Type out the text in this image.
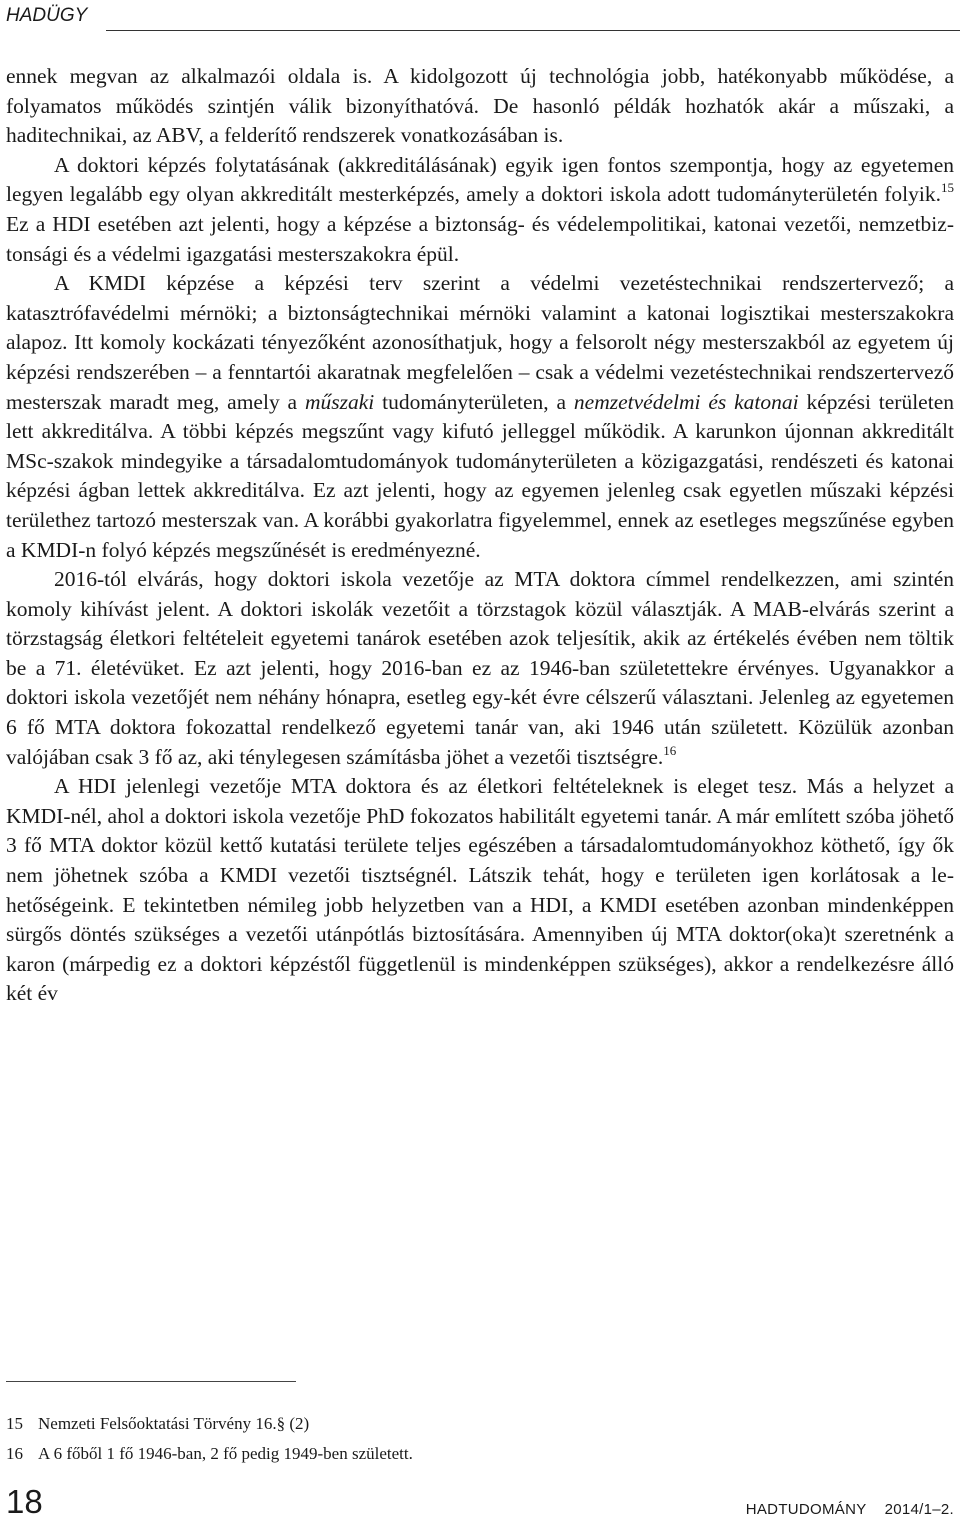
HADÜGY

ennek megvan az alkalmazói oldala is. A kidolgozott új technológia jobb, hatékonyabb működése, a folyamatos működés szintjén válik bizonyíthatóvá. De hasonló példák hozhatók akár a műszaki, a haditechnikai, az ABV, a felderítő rendszerek vonatkozásában is.

A doktori képzés folytatásának (akkreditálásának) egyik igen fontos szempontja, hogy az egyetemen legyen legalább egy olyan akkreditált mesterképzés, amely a doktori iskola adott tudományterületén folyik.$^{15}$ Ez a HDI esetében azt jelenti, hogy a képzése a biztonság- és védelempolitikai, katonai vezetői, nemzetbiztonsági és a védelmi igazgatási mesterszakokra épül.

A KMDI képzése a képzési terv szerint a védelmi vezetéstechnikai rendszertervező; a katasztrófavédelmi mérnöki; a biztonságtechnikai mérnöki valamint a katonai logisztikai mesterszakokra alapoz. Itt komoly kockázati tényezőként azonosíthatjuk, hogy a felsorolt négy mesterszakból az egyetem új képzési rendszerében – a fenntartói akaratnak megfelelően – csak a védelmi vezetéstechnikai rendszertervező mesterszak maradt meg, amely a műszaki tudományterületen, a nemzetvédelmi és katonai képzési területen lett akkreditálva. A többi képzés megszűnt vagy kifutó jelleggel működik. A karunkon újonnan akkreditált MSc-szakok mindegyike a társadalomtudományok tudományterületen a közigazgatási, rendészeti és katonai képzési ágban lettek akkreditálva. Ez azt jelenti, hogy az egyemen jelenleg csak egyetlen műszaki képzési területhez tartozó mesterszak van. A korábbi gyakorlatra figyelemmel, ennek az esetleges megszűnése egyben a KMDI-n folyó képzés megszűnését is eredményezné.

2016-tól elvárás, hogy doktori iskola vezetője az MTA doktora címmel rendelkezzen, ami szintén komoly kihívást jelent. A doktori iskolák vezetőit a törzstagok közül választják. A MAB-elvárás szerint a törzstagság életkori feltételeit egyetemi tanárok esetében azok teljesítik, akik az értékelés évében nem töltik be a 71. életévüket. Ez azt jelenti, hogy 2016-ban ez az 1946-ban születettekre érvényes. Ugyanakkor a doktori iskola vezetőjét nem néhány hónapra, esetleg egy-két évre célszerű választani. Jelenleg az egyetemen 6 fő MTA doktora fokozattal rendelkező egyetemi tanár van, aki 1946 után született. Közülük azonban valójában csak 3 fő az, aki ténylegesen számításba jöhet a vezetői tisztségre.$^{16}$

A HDI jelenlegi vezetője MTA doktora és az életkori feltételeknek is eleget tesz. Más a helyzet a KMDI-nél, ahol a doktori iskola vezetője PhD fokozatos habilitált egyetemi tanár. A már említett szóba jöhető 3 fő MTA doktor közül kettő kutatási területe teljes egészében a társadalomtudományokhoz köthető, így ők nem jöhetnek szóba a KMDI vezetői tisztségnél. Látszik tehát, hogy e területen igen korlátosak a lehetőségeink. E tekintetben némileg jobb helyzetben van a HDI, a KMDI esetében azonban mindenképpen sürgős döntés szükséges a vezetői utánpótlás biztosítására. Amennyiben új MTA doktor(oka)t szeretnénk a karon (márpedig ez a doktori képzéstől függetlenül is mindenképpen szükséges), akkor a rendelkezésre álló két év

15 Nemzeti Felsőoktatási Törvény 16.§ (2)
16 A 6 főből 1 fő 1946-ban, 2 fő pedig 1949-ben született.
18	HADTUDOMÁNY 2014/1–2.
